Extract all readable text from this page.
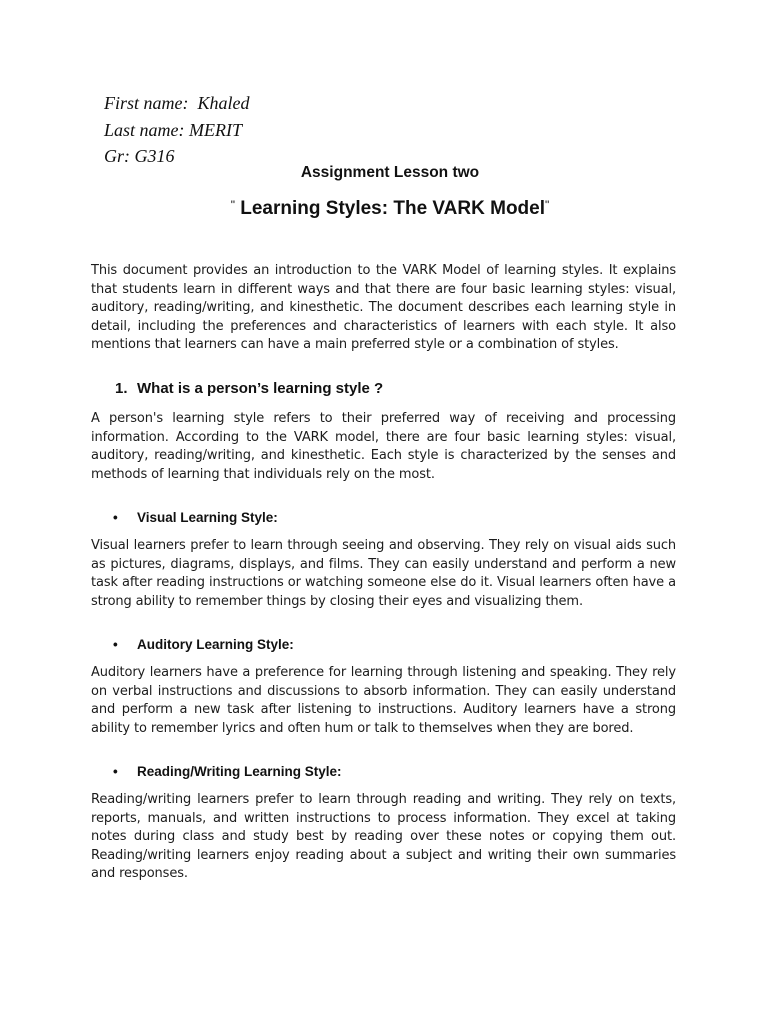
First name:  Khaled
Last name: MERIT
Gr: G316
Assignment Lesson two
" Learning Styles: The VARK Model"

This document provides an introduction to the VARK Model of learning styles. It explains that students learn in different ways and that there are four basic learning styles: visual, auditory, reading/writing, and kinesthetic. The document describes each learning style in detail, including the preferences and characteristics of learners with each style. It also mentions that learners can have a main preferred style or a combination of styles.

1. What is a person’s learning style ?

A person's learning style refers to their preferred way of receiving and processing information. According to the VARK model, there are four basic learning styles: visual, auditory, reading/writing, and kinesthetic. Each style is characterized by the senses and methods of learning that individuals rely on the most.

• Visual Learning Style:

Visual learners prefer to learn through seeing and observing. They rely on visual aids such as pictures, diagrams, displays, and films. They can easily understand and perform a new task after reading instructions or watching someone else do it. Visual learners often have a strong ability to remember things by closing their eyes and visualizing them.

• Auditory Learning Style:

Auditory learners have a preference for learning through listening and speaking. They rely on verbal instructions and discussions to absorb information. They can easily understand and perform a new task after listening to instructions. Auditory learners have a strong ability to remember lyrics and often hum or talk to themselves when they are bored.

• Reading/Writing Learning Style:

Reading/writing learners prefer to learn through reading and writing. They rely on texts, reports, manuals, and written instructions to process information. They excel at taking notes during class and study best by reading over these notes or copying them out. Reading/writing learners enjoy reading about a subject and writing their own summaries and responses.
